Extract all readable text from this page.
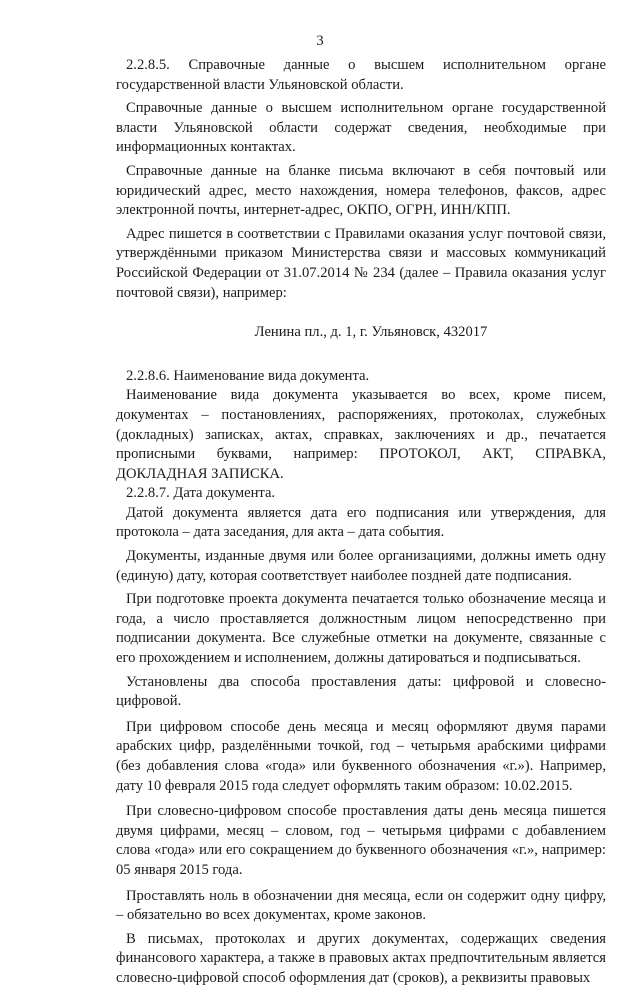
3

2.2.8.5. Справочные данные о высшем исполнительном органе государственной власти Ульяновской области.

Справочные данные о высшем исполнительном органе государственной власти Ульяновской области содержат сведения, необходимые при информационных контактах.

Справочные данные на бланке письма включают в себя почтовый или юридический адрес, место нахождения, номера телефонов, факсов, адрес электронной почты, интернет-адрес, ОКПО, ОГРН, ИНН/КПП.

Адрес пишется в соответствии с Правилами оказания услуг почтовой связи, утверждёнными приказом Министерства связи и массовых коммуникаций Российской Федерации от 31.07.2014 № 234 (далее – Правила оказания услуг почтовой связи), например:

Ленина пл., д. 1, г. Ульяновск, 432017

2.2.8.6. Наименование вида документа.

Наименование вида документа указывается во всех, кроме писем, документах – постановлениях, распоряжениях, протоколах, служебных (докладных) записках, актах, справках, заключениях и др., печатается прописными буквами, например: ПРОТОКОЛ, АКТ, СПРАВКА, ДОКЛАДНАЯ ЗАПИСКА.

2.2.8.7. Дата документа.

Датой документа является дата его подписания или утверждения, для протокола – дата заседания, для акта – дата события.

Документы, изданные двумя или более организациями, должны иметь одну (единую) дату, которая соответствует наиболее поздней дате подписания.

При подготовке проекта документа печатается только обозначение месяца и года, а число проставляется должностным лицом непосредственно при подписании документа. Все служебные отметки на документе, связанные с его прохождением и исполнением, должны датироваться и подписываться.

Установлены два способа проставления даты: цифровой и словесно-цифровой.

При цифровом способе день месяца и месяц оформляют двумя парами арабских цифр, разделёнными точкой, год – четырьмя арабскими цифрами (без добавления слова «года» или буквенного обозначения «г.»). Например, дату 10 февраля 2015 года следует оформлять таким образом: 10.02.2015.

При словесно-цифровом способе проставления даты день месяца пишется двумя цифрами, месяц – словом, год – четырьмя цифрами с добавлением слова «года» или его сокращением до буквенного обозначения «г.», например: 05 января 2015 года.

Проставлять ноль в обозначении дня месяца, если он содержит одну цифру, – обязательно во всех документах, кроме законов.

В письмах, протоколах и других документах, содержащих сведения финансового характера, а также в правовых актах предпочтительным является словесно-цифровой способ оформления дат (сроков), а реквизиты правовых
